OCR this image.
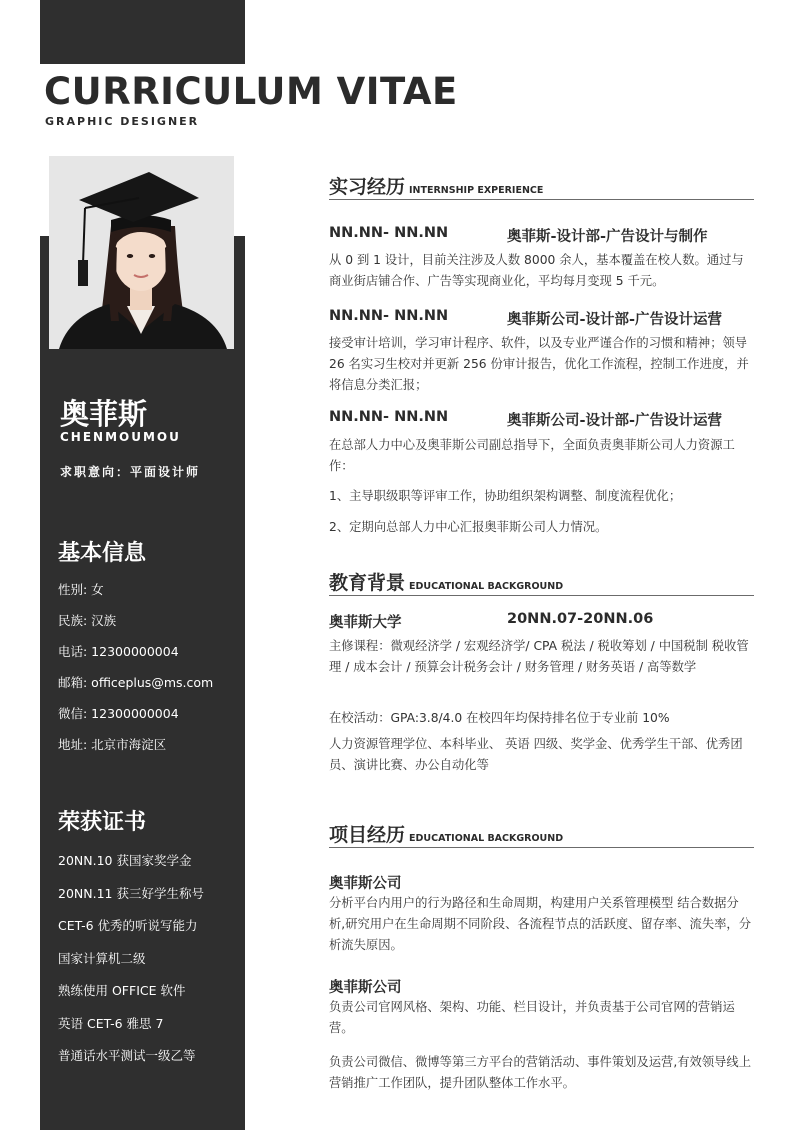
CURRICULUM VITAE
GRAPHIC DESIGNER
奥菲斯
CHENMOUMOU
求职意向：平面设计师
基本信息
性别: 女
民族: 汉族
电话: 12300000004
邮箱: officeplus@ms.com
微信: 12300000004
地址: 北京市海淀区
荣获证书
20NN.10 获国家奖学金
20NN.11 获三好学生称号
CET-6 优秀的听说写能力
国家计算机二级
熟练使用 OFFICE 软件
英语 CET-6 雅思 7
普通话水平测试一级乙等
实习经历 INTERNSHIP EXPERIENCE
NN.NN- NN.NN	奥菲斯-设计部-广告设计与制作
从 0 到 1 设计，目前关注涉及人数 8000 余人，基本覆盖在校人数。通过与商业街店铺合作、广告等实现商业化，平均每月变现 5 千元。
NN.NN- NN.NN	奥菲斯公司-设计部-广告设计运营
接受审计培训，学习审计程序、软件，以及专业严谨合作的习惯和精神；领导 26 名实习生校对并更新 256 份审计报告，优化工作流程，控制工作进度，并将信息分类汇报；
NN.NN- NN.NN	奥菲斯公司-设计部-广告设计运营
在总部人力中心及奥菲斯公司副总指导下，全面负责奥菲斯公司人力资源工作：
1、主导职级职等评审工作，协助组织架构调整、制度流程优化；
2、定期向总部人力中心汇报奥菲斯公司人力情况。
教育背景 EDUCATIONAL BACKGROUND
奥菲斯大学	20NN.07-20NN.06
主修课程：微观经济学 / 宏观经济学/ CPA 税法 / 税收筹划 / 中国税制 税收管理 / 成本会计 / 预算会计税务会计 / 财务管理 / 财务英语 / 高等数学
在校活动：GPA:3.8/4.0 在校四年均保持排名位于专业前 10%
人力资源管理学位、本科毕业、 英语 四级、奖学金、优秀学生干部、优秀团员、演讲比赛、办公自动化等
项目经历 EDUCATIONAL BACKGROUND
奥菲斯公司
分析平台内用户的行为路径和生命周期，构建用户关系管理模型 结合数据分析,研究用户在生命周期不同阶段、各流程节点的活跃度、留存率、流失率，分析流失原因。
奥菲斯公司
负责公司官网风格、架构、功能、栏目设计，并负责基于公司官网的营销运营。
负责公司微信、微博等第三方平台的营销活动、事件策划及运营,有效领导线上营销推广工作团队，提升团队整体工作水平。
